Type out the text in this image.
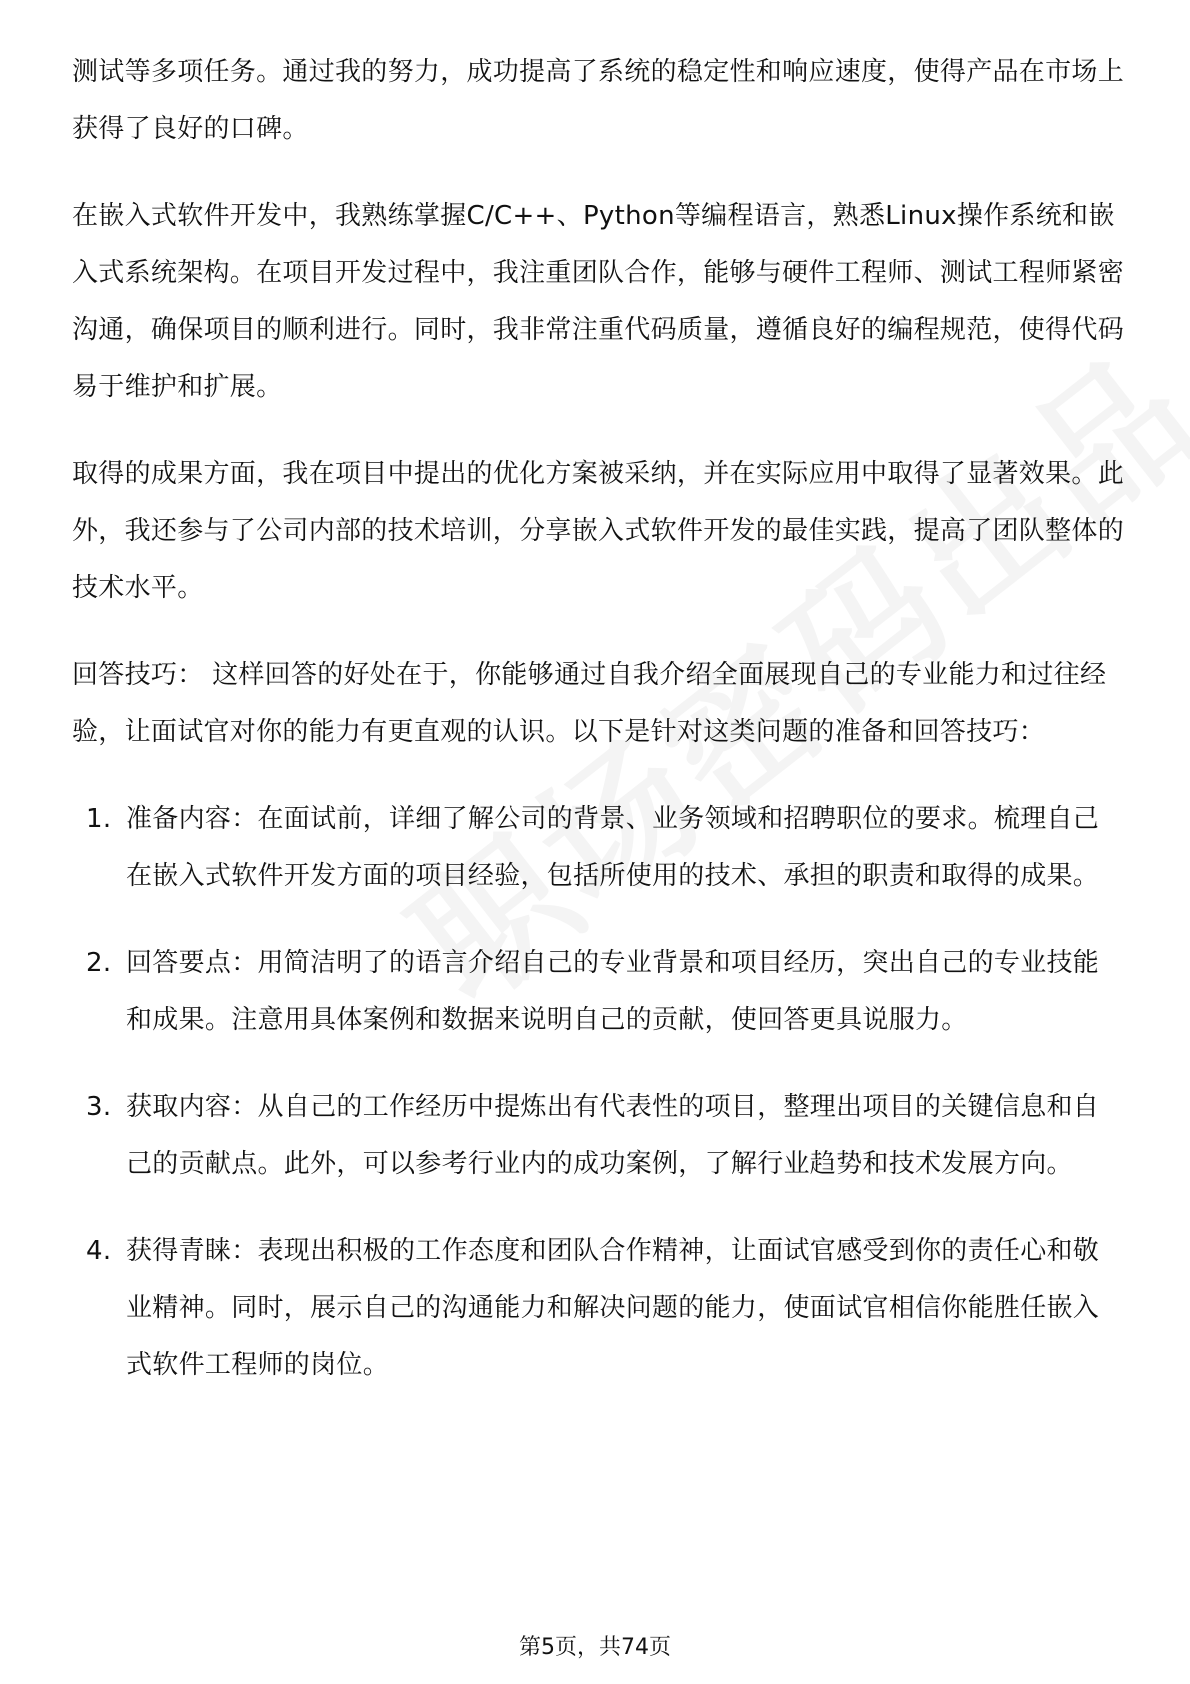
测试等多项任务。通过我的努力，成功提高了系统的稳定性和响应速度，使得产品在市场上获得了良好的口碑。

在嵌入式软件开发中，我熟练掌握C/C++、Python等编程语言，熟悉Linux操作系统和嵌入式系统架构。在项目开发过程中，我注重团队合作，能够与硬件工程师、测试工程师紧密沟通，确保项目的顺利进行。同时，我非常注重代码质量，遵循良好的编程规范，使得代码易于维护和扩展。

取得的成果方面，我在项目中提出的优化方案被采纳，并在实际应用中取得了显著效果。此外，我还参与了公司内部的技术培训，分享嵌入式软件开发的最佳实践，提高了团队整体的技术水平。

回答技巧： 这样回答的好处在于，你能够通过自我介绍全面展现自己的专业能力和过往经验，让面试官对你的能力有更直观的认识。以下是针对这类问题的准备和回答技巧：

1. 准备内容：在面试前，详细了解公司的背景、业务领域和招聘职位的要求。梳理自己在嵌入式软件开发方面的项目经验，包括所使用的技术、承担的职责和取得的成果。
2. 回答要点：用简洁明了的语言介绍自己的专业背景和项目经历，突出自己的专业技能和成果。注意用具体案例和数据来说明自己的贡献，使回答更具说服力。
3. 获取内容：从自己的工作经历中提炼出有代表性的项目，整理出项目的关键信息和自己的贡献点。此外，可以参考行业内的成功案例，了解行业趋势和技术发展方向。
4. 获得青睐：表现出积极的工作态度和团队合作精神，让面试官感受到你的责任心和敬业精神。同时，展示自己的沟通能力和解决问题的能力，使面试官相信你能胜任嵌入式软件工程师的岗位。
第5页，共74页
